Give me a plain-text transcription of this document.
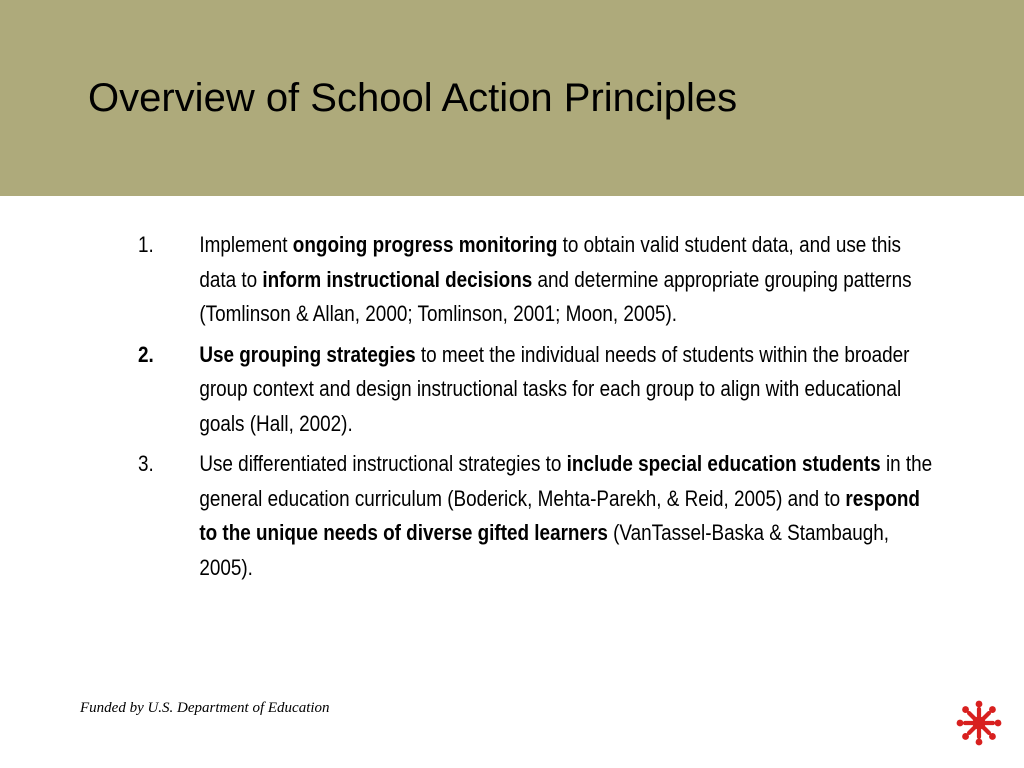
Overview of School Action Principles
1. Implement ongoing progress monitoring to obtain valid student data, and use this data to inform instructional decisions and determine appropriate grouping patterns (Tomlinson & Allan, 2000; Tomlinson, 2001; Moon, 2005).
2. Use grouping strategies to meet the individual needs of students within the broader group context and design instructional tasks for each group to align with educational goals (Hall, 2002).
3. Use differentiated instructional strategies to include special education students in the general education curriculum (Boderick, Mehta-Parekh, & Reid, 2005) and to respond to the unique needs of diverse gifted learners (VanTassel-Baska & Stambaugh, 2005).
Funded by U.S. Department of Education
